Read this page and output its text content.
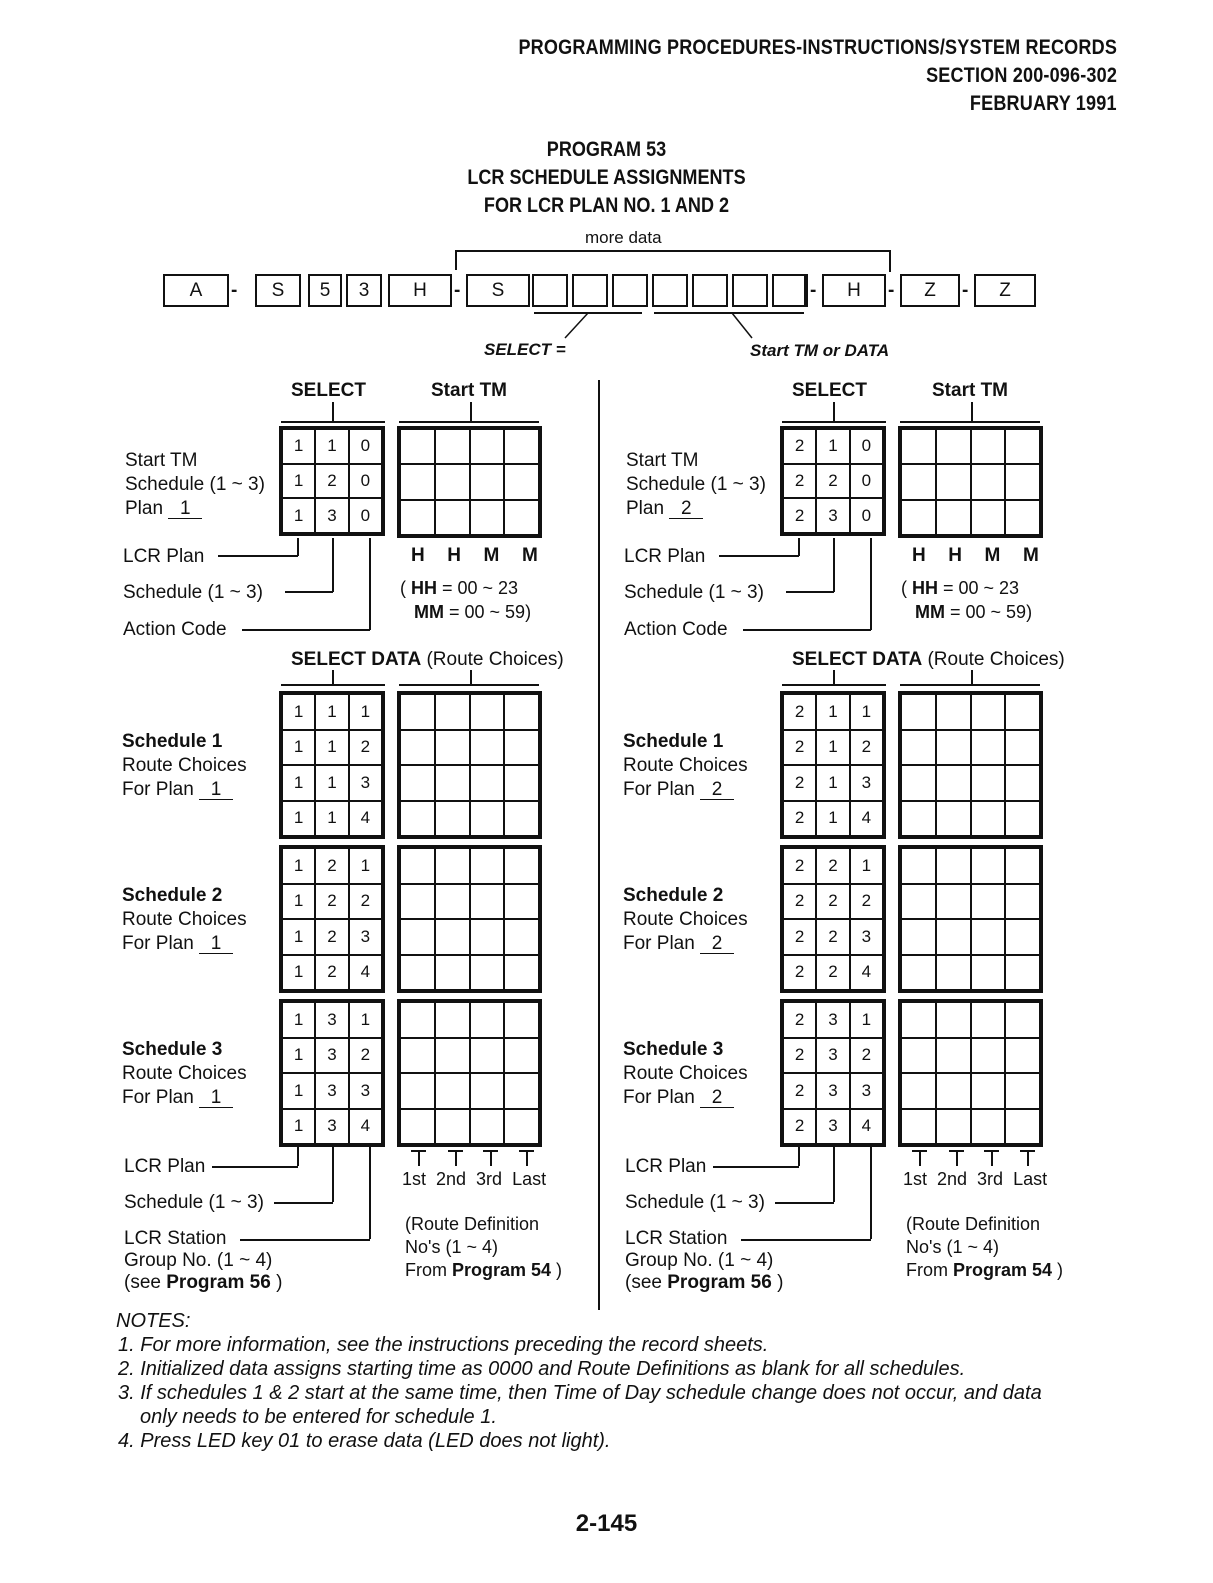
PROGRAMMING PROCEDURES-INSTRUCTIONS/SYSTEM RECORDS
SECTION 200-096-302
FEBRUARY 1991
PROGRAM 53
LCR SCHEDULE ASSIGNMENTS
FOR LCR PLAN NO. 1 AND 2
A	S	5	3	H	S	H	Z	Z
-	-	-	-	-
more data
SELECT =	Start TM or DATA
SELECT	Start TM
Start TM
Schedule (1 ~ 3)
Plan 1
1	1	0
1	2	0
1	3	0
LCR Plan
Schedule (1 ~ 3)
Action Code
H  H  M  M
( HH = 00 ~ 23
MM = 00 ~ 59)
SELECT DATA (Route Choices)
Schedule 1
Route Choices
For Plan 1
1	1	1
1	1	2
1	1	3
1	1	4
Schedule 2
Route Choices
For Plan 1
1	2	1
1	2	2
1	2	3
1	2	4
Schedule 3
Route Choices
For Plan 1
1	3	1
1	3	2
1	3	3
1	3	4
LCR Plan
Schedule (1 ~ 3)
LCR Station
Group No. (1 ~ 4)
(see Program 56 )
1st  2nd  3rd  Last
(Route Definition
No's (1 ~ 4)
From Program 54 )
SELECT	Start TM
Start TM
Schedule (1 ~ 3)
Plan 2
2	1	0
2	2	0
2	3	0
LCR Plan
Schedule (1 ~ 3)
Action Code
H  H  M  M
( HH = 00 ~ 23
MM = 00 ~ 59)
SELECT DATA (Route Choices)
Schedule 1
Route Choices
For Plan 2
2	1	1
2	1	2
2	1	3
2	1	4
Schedule 2
Route Choices
For Plan 2
2	2	1
2	2	2
2	2	3
2	2	4
Schedule 3
Route Choices
For Plan 2
2	3	1
2	3	2
2	3	3
2	3	4
LCR Plan
Schedule (1 ~ 3)
LCR Station
Group No. (1 ~ 4)
(see Program 56 )
1st  2nd  3rd  Last
(Route Definition
No's (1 ~ 4)
From Program 54 )
NOTES:
1. For more information, see the instructions preceding the record sheets.
2. Initialized data assigns starting time as 0000 and Route Definitions as blank for all schedules.
3. If schedules 1 & 2 start at the same time, then Time of Day schedule change does not occur, and data
only needs to be entered for schedule 1.
4. Press LED key 01 to erase data (LED does not light).
2-145
